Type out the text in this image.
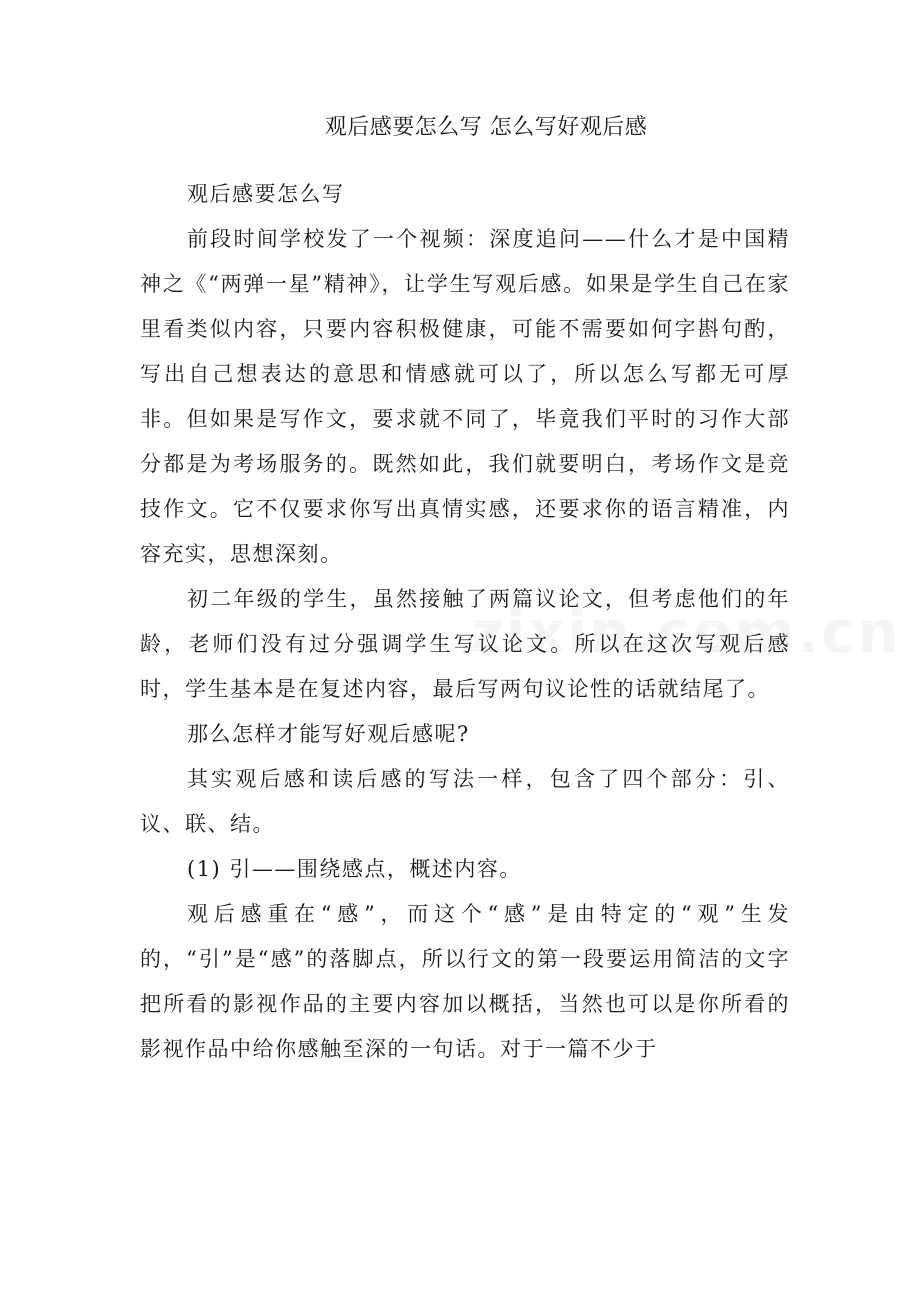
观后感要怎么写 怎么写好观后感

观后感要怎么写

前段时间学校发了一个视频：深度追问——什么才是中国精神之《“两弹一星”精神》，让学生写观后感。如果是学生自己在家里看类似内容，只要内容积极健康，可能不需要如何字斟句酌，写出自己想表达的意思和情感就可以了，所以怎么写都无可厚非。但如果是写作文，要求就不同了，毕竟我们平时的习作大部分都是为考场服务的。既然如此，我们就要明白，考场作文是竞技作文。它不仅要求你写出真情实感，还要求你的语言精准，内容充实，思想深刻。

初二年级的学生，虽然接触了两篇议论文，但考虑他们的年龄，老师们没有过分强调学生写议论文。所以在这次写观后感时，学生基本是在复述内容，最后写两句议论性的话就结尾了。

那么怎样才能写好观后感呢?

其实观后感和读后感的写法一样，包含了四个部分：引、议、联、结。

(1) 引——围绕感点，概述内容。

观后感重在“感”，而这个“感”是由特定的“观”生发的，“引”是“感”的落脚点，所以行文的第一段要运用简洁的文字把所看的影视作品的主要内容加以概括，当然也可以是你所看的影视作品中给你感触至深的一句话。对于一篇不少于
